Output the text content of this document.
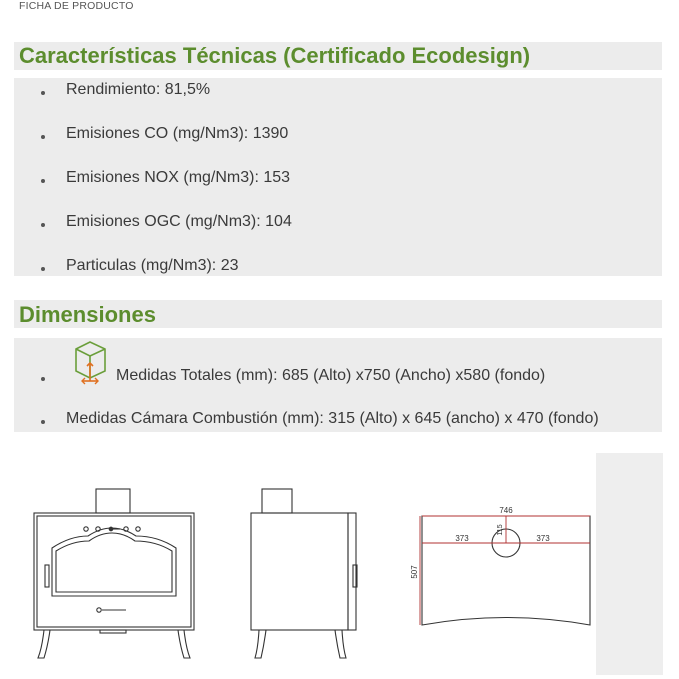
FICHA DE PRODUCTO
Características Técnicas (Certificado Ecodesign)
Rendimiento: 81,5%
Emisiones CO (mg/Nm3): 1390
Emisiones NOX (mg/Nm3): 153
Emisiones OGC (mg/Nm3): 104
Particulas (mg/Nm3): 23
Dimensiones
Medidas Totales (mm): 685 (Alto) x750 (Ancho) x580 (fondo)
Medidas Cámara Combustión (mm): 315 (Alto) x 645 (ancho) x 470 (fondo)
746
373	373
115
507
